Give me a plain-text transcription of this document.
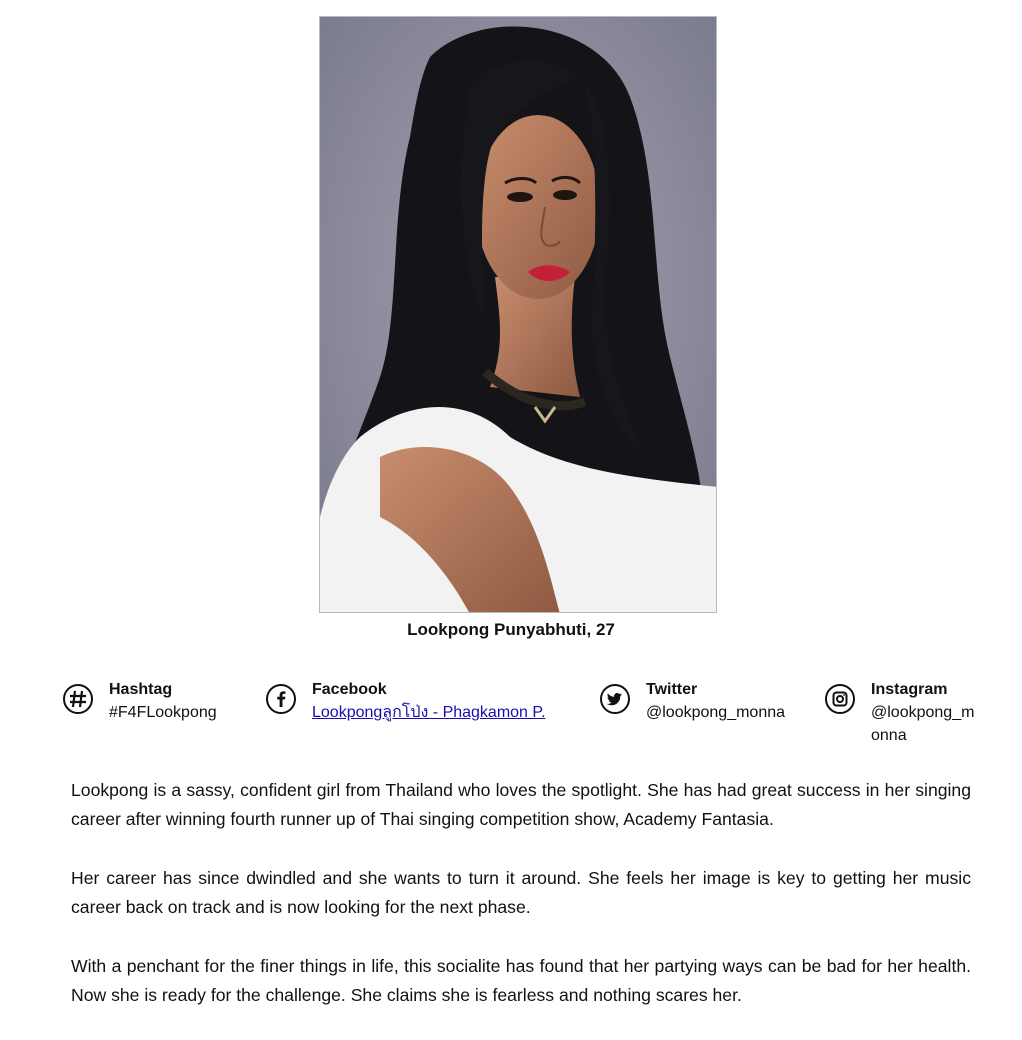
Lookpong Punyabhuti, 27
Hashtag
#F4FLookpong
Facebook
Lookpongลูกโป่ง - Phagkamon P.
Twitter
@lookpong_monna
Instagram
@lookpong_monna

Lookpong is a sassy, confident girl from Thailand who loves the spotlight. She has had great success in her singing career after winning fourth runner up of Thai singing competition show, Academy Fantasia.

Her career has since dwindled and she wants to turn it around. She feels her image is key to getting her music career back on track and is now looking for the next phase.

With a penchant for the finer things in life, this socialite has found that her partying ways can be bad for her health. Now she is ready for the challenge. She claims she is fearless and nothing scares her.
